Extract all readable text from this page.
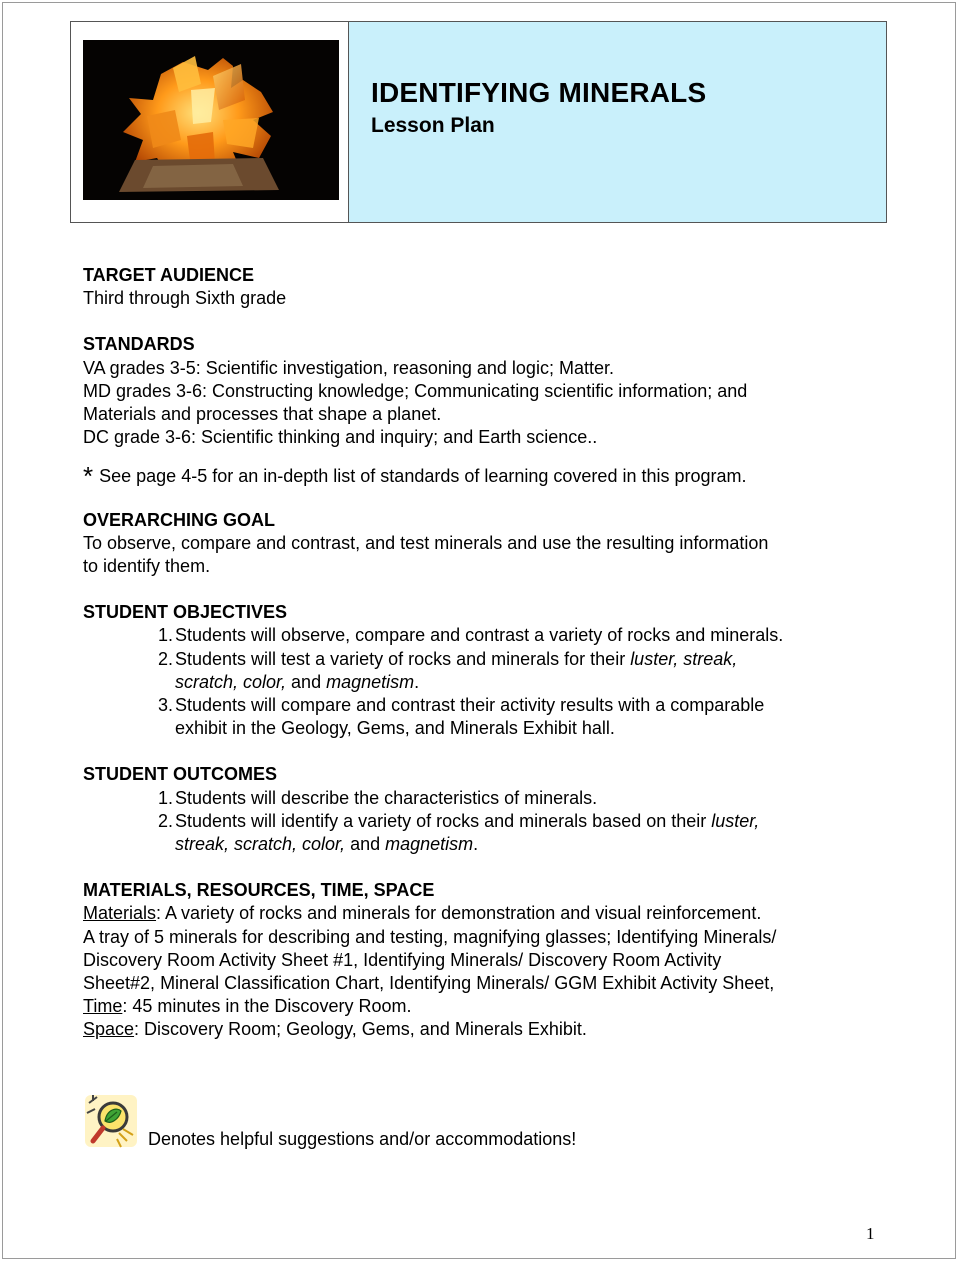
IDENTIFYING MINERALS
Lesson Plan
TARGET AUDIENCE
Third through Sixth grade
STANDARDS
VA grades 3-5: Scientific investigation, reasoning and logic; Matter.
MD grades 3-6: Constructing knowledge; Communicating scientific information; and
Materials and processes that shape a planet.
DC grade 3-6: Scientific thinking and inquiry; and Earth science..
* See page 4-5 for an in-depth list of standards of learning covered in this program.
OVERARCHING GOAL
To observe, compare and contrast, and test minerals and use the resulting information
to identify them.
STUDENT OBJECTIVES
1. Students will observe, compare and contrast a variety of rocks and minerals.
2. Students will test a variety of rocks and minerals for their luster, streak,
scratch, color, and magnetism.
3. Students will compare and contrast their activity results with a comparable
exhibit in the Geology, Gems, and Minerals Exhibit hall.
STUDENT OUTCOMES
1. Students will describe the characteristics of minerals.
2. Students will identify a variety of rocks and minerals based on their luster,
streak, scratch, color, and magnetism.
MATERIALS, RESOURCES, TIME, SPACE
Materials: A variety of rocks and minerals for demonstration and visual reinforcement.
A tray of 5 minerals for describing and testing, magnifying glasses; Identifying Minerals/
Discovery Room Activity Sheet #1, Identifying Minerals/ Discovery Room Activity
Sheet#2, Mineral Classification Chart, Identifying Minerals/ GGM Exhibit Activity Sheet,
Time: 45 minutes in the Discovery Room.
Space: Discovery Room; Geology, Gems, and Minerals Exhibit.
Denotes helpful suggestions and/or accommodations!
1
